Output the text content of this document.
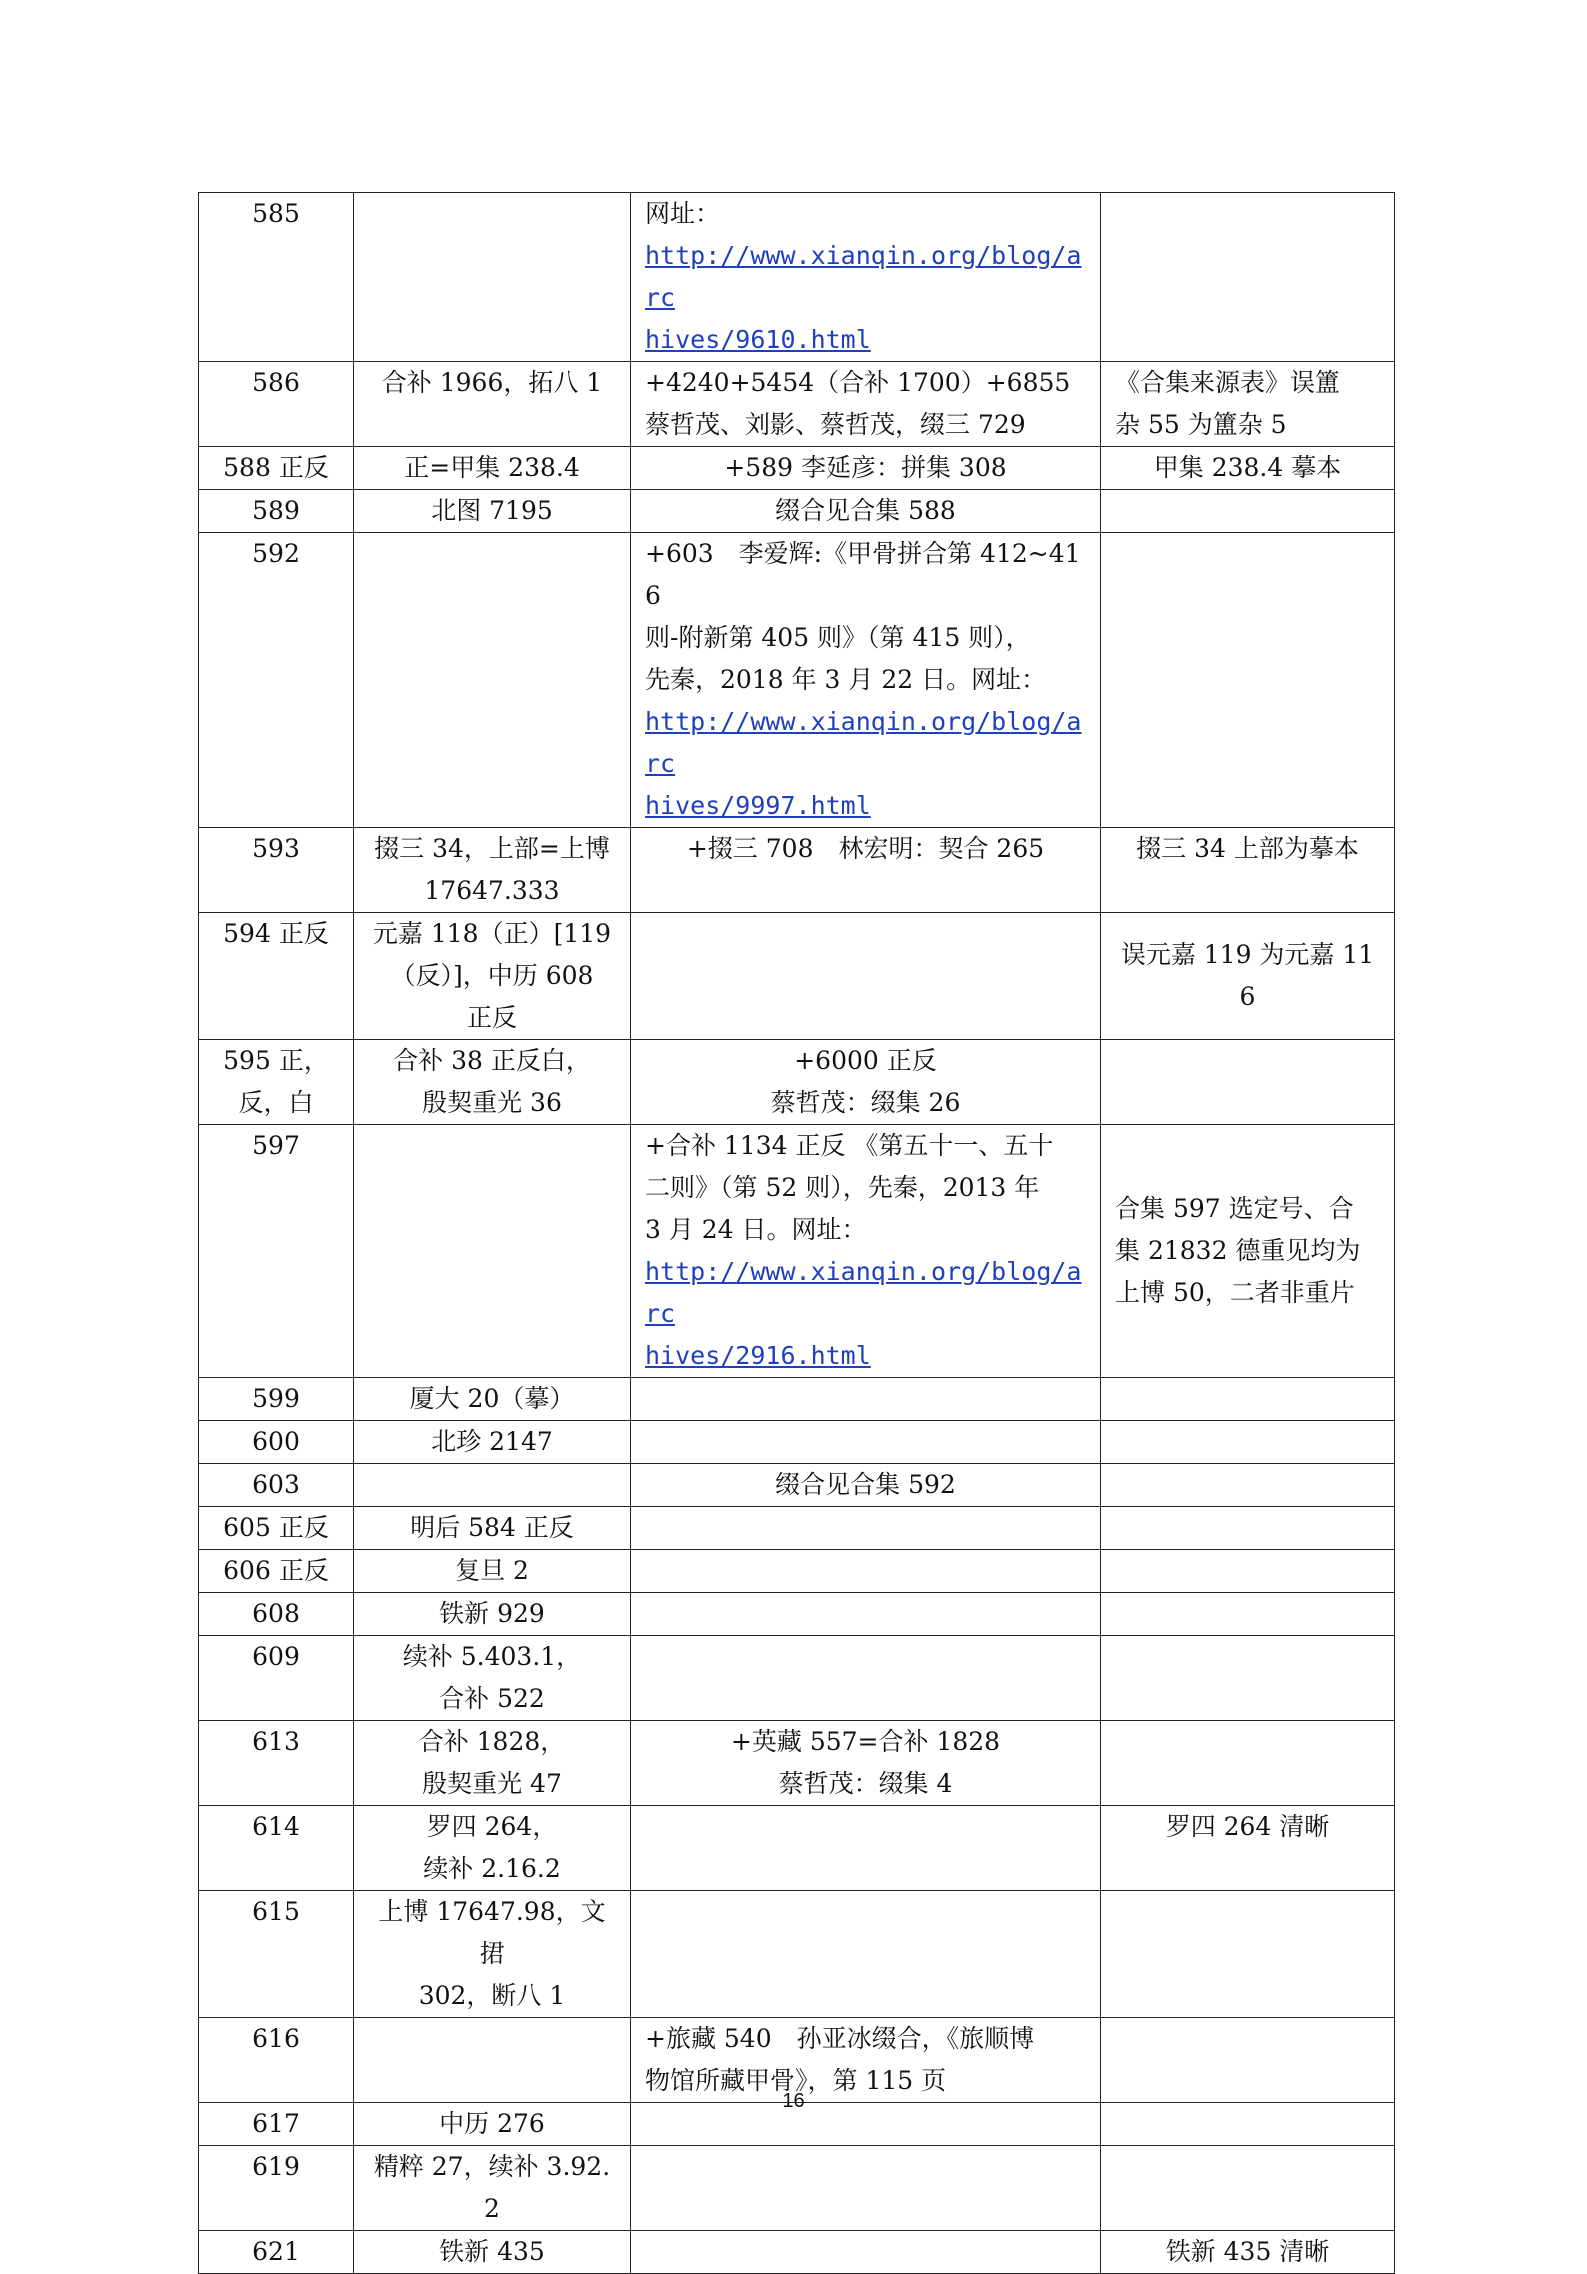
585		网址：
http://www.xianqin.org/blog/arc
hives/9610.html	

586	合补 1966，拓八 1	+4240+5454（合补 1700）+6855
蔡哲茂、刘影、蔡哲茂，缀三 729	《合集来源表》误簠
杂 55 为簠杂 5

588 正反	正=甲集 238.4	+589 李延彦：拼集 308	甲集 238.4 摹本

589	北图 7195	缀合见合集 588	

592		+603　李爱辉:《甲骨拼合第 412~416
则-附新第 405 则》（第 415 则），
先秦，2018 年 3 月 22 日。网址：
http://www.xianqin.org/blog/arc
hives/9997.html	

593	掇三 34，上部=上博
17647.333	+掇三 708　林宏明：契合 265	掇三 34 上部为摹本

594 正反	元嘉 118（正）[119
（反）]，中历 608
正反		误元嘉 119 为元嘉 116

595 正，
反，白	合补 38 正反白，
殷契重光 36	+6000 正反
蔡哲茂：缀集 26	

597		+合补 1134 正反 《第五十一、五十
二则》（第 52 则），先秦，2013 年
3 月 24 日。网址：
http://www.xianqin.org/blog/arc
hives/2916.html	合集 597 选定号、合
集 21832 德重见均为
上博 50，二者非重片

599	厦大 20（摹）		

600	北珍 2147		

603		缀合见合集 592	

605 正反	明后 584 正反		

606 正反	复旦 2		

608	铁新 929		

609	续补 5.403.1，
合补 522		

613	合补 1828，
殷契重光 47	+英藏 557=合补 1828
蔡哲茂：缀集 4	

614	罗四 264，
续补 2.16.2		罗四 264 清晰

615	上博 17647.98，文捃
302，断八 1		

616		+旅藏 540　孙亚冰缀合，《旅顺博
物馆所藏甲骨》，第 115 页	

617	中历 276		

619	精粹 27，续补 3.92.2		

621	铁新 435		铁新 435 清晰
16
